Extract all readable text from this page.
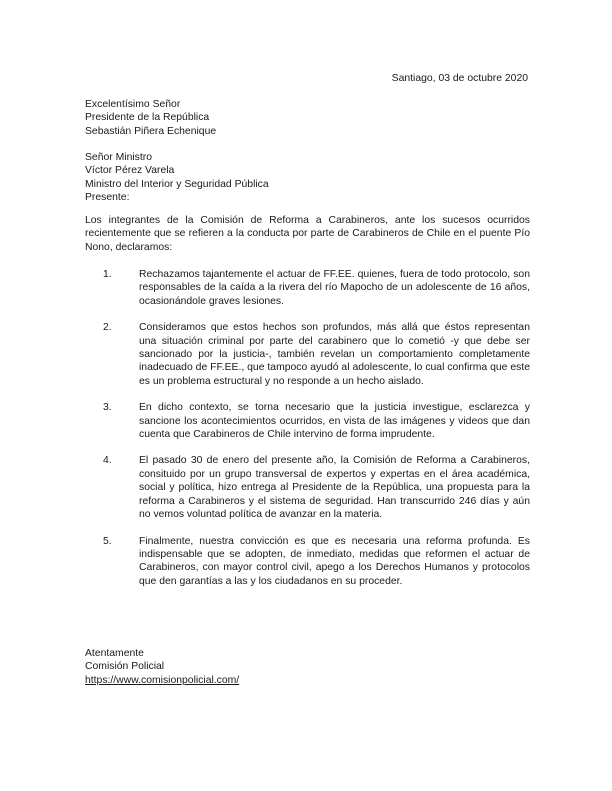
Santiago, 03 de octubre 2020
Excelentísimo Señor
Presidente de la República
Sebastián Piñera Echenique
Señor Ministro
Víctor Pérez Varela
Ministro del Interior y Seguridad Pública
Presente:

Los integrantes de la Comisión de Reforma a Carabineros, ante los sucesos ocurridos recientemente que se refieren a la conducta por parte de Carabineros de Chile en el puente Pío Nono, declaramos:

1.	Rechazamos tajantemente el actuar de FF.EE. quienes, fuera de todo protocolo, son responsables de la caída a la rivera del río Mapocho de un adolescente de 16 años, ocasionándole graves lesiones.
2.	Consideramos que estos hechos son profundos, más allá que éstos representan una situación criminal por parte del carabinero que lo cometió -y que debe ser sancionado por la justicia-, también revelan un comportamiento completamente inadecuado de FF.EE., que tampoco ayudó al adolescente, lo cual confirma que este es un problema estructural y no responde a un hecho aislado.
3.	En dicho contexto, se torna necesario que la justicia investigue, esclarezca y sancione los acontecimientos ocurridos, en vista de las imágenes y videos que dan cuenta que Carabineros de Chile intervino de forma imprudente.
4.	El pasado 30 de enero del presente año, la Comisión de Reforma a Carabineros, consituido por un grupo transversal de expertos y expertas en el área académica, social y política, hizo entrega al Presidente de la República, una propuesta para la reforma a Carabineros y el sistema de seguridad. Han transcurrido 246 días y aún no vemos voluntad política de avanzar en la materia.
5.	Finalmente, nuestra convicción es que es necesaria una reforma profunda. Es indispensable que se adopten, de inmediato, medidas que reformen el actuar de Carabineros, con mayor control civil, apego a los Derechos Humanos y protocolos que den garantías a las y los ciudadanos en su proceder.
Atentamente
Comisión Policial
https://www.comisionpolicial.com/
